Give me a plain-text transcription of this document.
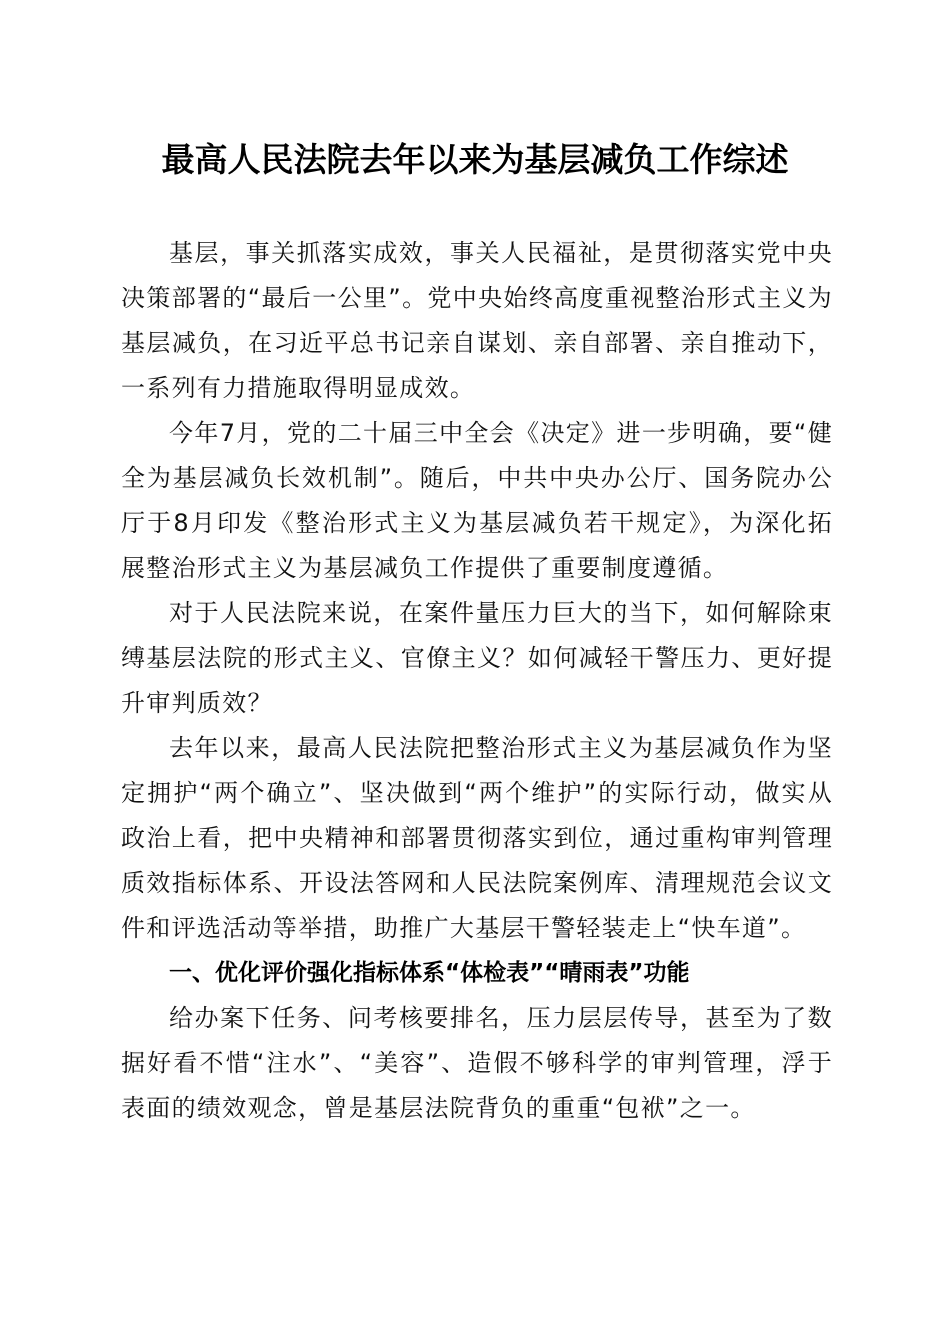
最高人民法院去年以来为基层减负工作综述

基层，事关抓落实成效，事关人民福祉，是贯彻落实党中央决策部署的“最后一公里”。党中央始终高度重视整治形式主义为基层减负，在习近平总书记亲自谋划、亲自部署、亲自推动下，一系列有力措施取得明显成效。

今年7月，党的二十届三中全会《决定》进一步明确，要“健全为基层减负长效机制”。随后，中共中央办公厅、国务院办公厅于8月印发《整治形式主义为基层减负若干规定》，为深化拓展整治形式主义为基层减负工作提供了重要制度遵循。

对于人民法院来说，在案件量压力巨大的当下，如何解除束缚基层法院的形式主义、官僚主义？如何减轻干警压力、更好提升审判质效？

去年以来，最高人民法院把整治形式主义为基层减负作为坚定拥护“两个确立”、坚决做到“两个维护”的实际行动，做实从政治上看，把中央精神和部署贯彻落实到位，通过重构审判管理质效指标体系、开设法答网和人民法院案例库、清理规范会议文件和评选活动等举措，助推广大基层干警轻装走上“快车道”。

一、优化评价强化指标体系“体检表”“晴雨表”功能

给办案下任务、问考核要排名，压力层层传导，甚至为了数据好看不惜“注水”、“美容”、造假不够科学的审判管理，浮于表面的绩效观念，曾是基层法院背负的重重“包袱”之一。
